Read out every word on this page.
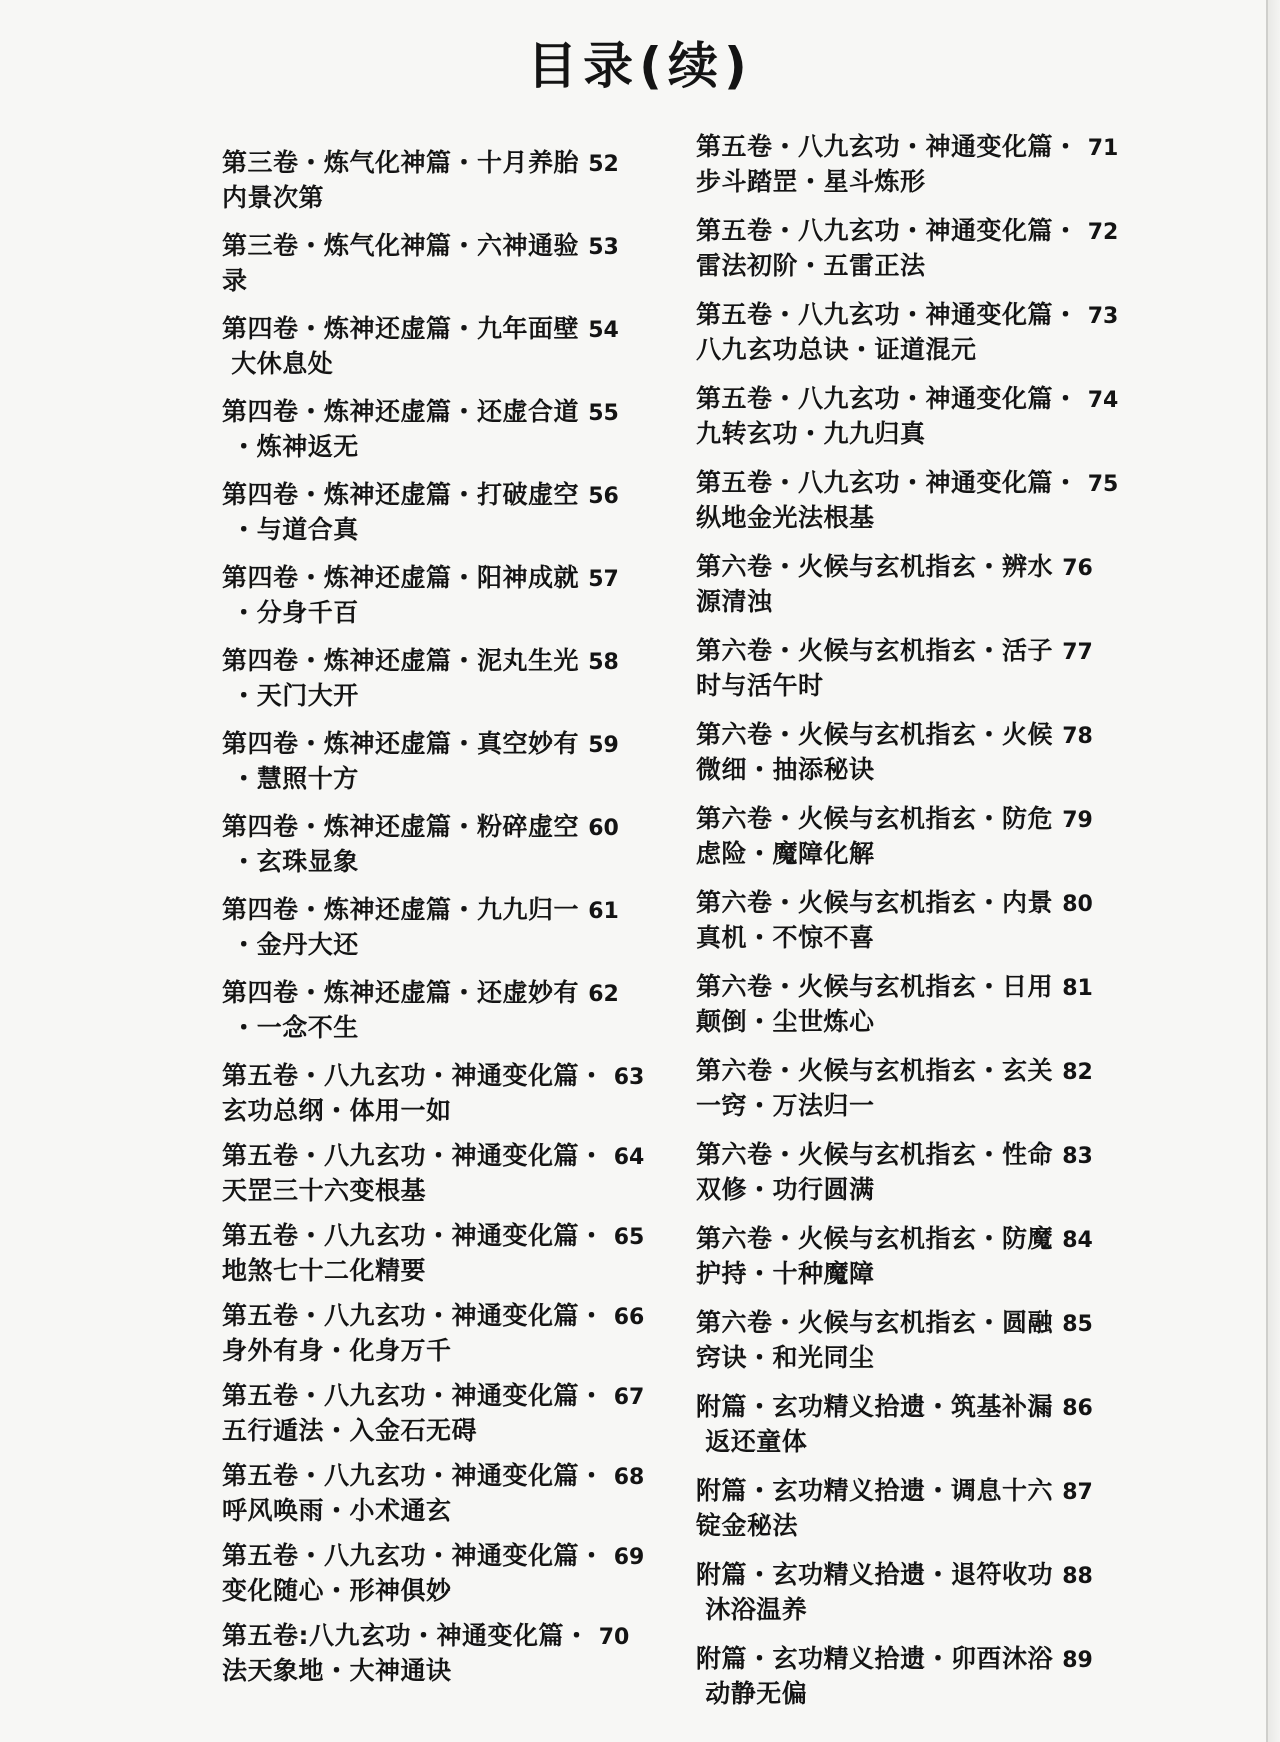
目录(续)
第三卷・炼气化神篇・十月养胎 52
内景次第
第三卷・炼气化神篇・六神通验 53
录
第四卷・炼神还虚篇・九年面壁 54
大休息处
第四卷・炼神还虚篇・还虚合道 55
・炼神返无
第四卷・炼神还虚篇・打破虚空 56
・与道合真
第四卷・炼神还虚篇・阳神成就 57
・分身千百
第四卷・炼神还虚篇・泥丸生光 58
・天门大开
第四卷・炼神还虚篇・真空妙有 59
・慧照十方
第四卷・炼神还虚篇・粉碎虚空 60
・玄珠显象
第四卷・炼神还虚篇・九九归一 61
・金丹大还
第四卷・炼神还虚篇・还虚妙有 62
・一念不生
第五卷・八九玄功・神通变化篇・ 63
玄功总纲・体用一如
第五卷・八九玄功・神通变化篇・ 64
天罡三十六变根基
第五卷・八九玄功・神通变化篇・ 65
地煞七十二化精要
第五卷・八九玄功・神通变化篇・ 66
身外有身・化身万千
第五卷・八九玄功・神通变化篇・ 67
五行遁法・入金石无碍
第五卷・八九玄功・神通变化篇・ 68
呼风唤雨・小术通玄
第五卷・八九玄功・神通变化篇・ 69
变化随心・形神俱妙
第五卷:八九玄功・神通变化篇・ 70
法天象地・大神通诀
第五卷・八九玄功・神通变化篇・ 71
步斗踏罡・星斗炼形
第五卷・八九玄功・神通变化篇・ 72
雷法初阶・五雷正法
第五卷・八九玄功・神通变化篇・ 73
八九玄功总诀・证道混元
第五卷・八九玄功・神通变化篇・ 74
九转玄功・九九归真
第五卷・八九玄功・神通变化篇・ 75
纵地金光法根基
第六卷・火候与玄机指玄・辨水 76
源清浊
第六卷・火候与玄机指玄・活子 77
时与活午时
第六卷・火候与玄机指玄・火候 78
微细・抽添秘诀
第六卷・火候与玄机指玄・防危 79
虑险・魔障化解
第六卷・火候与玄机指玄・内景 80
真机・不惊不喜
第六卷・火候与玄机指玄・日用 81
颠倒・尘世炼心
第六卷・火候与玄机指玄・玄关 82
一窍・万法归一
第六卷・火候与玄机指玄・性命 83
双修・功行圆满
第六卷・火候与玄机指玄・防魔 84
护持・十种魔障
第六卷・火候与玄机指玄・圆融 85
窍诀・和光同尘
附篇・玄功精义拾遗・筑基补漏 86
返还童体
附篇・玄功精义拾遗・调息十六 87
锭金秘法
附篇・玄功精义拾遗・退符收功 88
沐浴温养
附篇・玄功精义拾遗・卯酉沐浴 89
动静无偏
